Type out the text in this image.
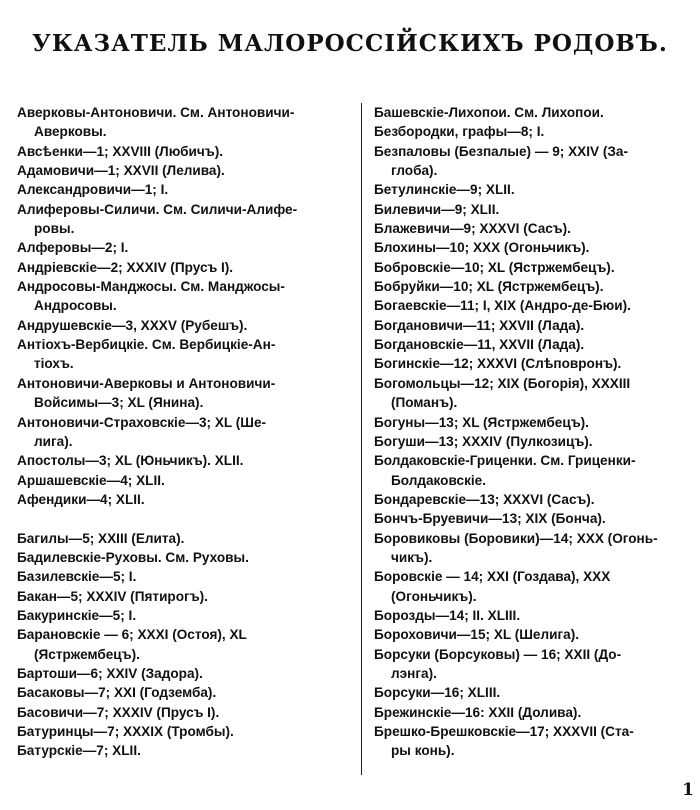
УКАЗАТЕЛЬ МАЛОРОССІЙСКИХЪ РОДОВЪ.
Аверковы-Антоновичи. См. Антоновичи-
Аверковы.
Авсѣенки—1; XXVIII (Любичъ).
Адамовичи—1; XXVII (Лелива).
Александровичи—1; I.
Алиферовы-Силичи. См. Силичи-Алифе-
ровы.
Алферовы—2; I.
Андріевскіе—2; XXXIV (Прусъ I).
Андросовы-Манджосы. См. Манджосы-
Андросовы.
Андрушевскіе—3, XXXV (Рубешъ).
Антіохъ-Вербицкіе. См. Вербицкіе-Ан-
тіохъ.
Антоновичи-Аверковы и Антоновичи-
Войсимы—3; XL (Янина).
Антоновичи-Страховскіе—3; XL (Ше-
лига).
Апостолы—3; XL (Юньчикъ). XLII.
Аршашевскіе—4; XLII.
Афендики—4; XLII.
Багилы—5; XXIII (Елита).
Бадилевскіе-Руховы. См. Руховы.
Базилевскіе—5; I.
Бакан—5; XXXIV (Пятирогъ).
Бакуринскіе—5; I.
Барановскіе — 6; XXXI (Остоя), XL
(Ястржембецъ).
Бартоши—6; XXIV (Задора).
Басаковы—7; XXI (Годземба).
Басовичи—7; XXXIV (Прусъ I).
Батуринцы—7; XXXIX (Тромбы).
Батурскіе—7; XLII.
Башевскіе-Лихопои. См. Лихопои.
Безбородки, графы—8; I.
Безпаловы (Безпалые) — 9; XXIV (За-
глоба).
Бетулинскіе—9; XLII.
Билевичи—9; XLII.
Блажевичи—9; XXXVI (Сасъ).
Блохины—10; XXX (Огоньчикъ).
Бобровскіе—10; XL (Ястржембецъ).
Бобруйки—10; XL (Ястржембецъ).
Богаевскіе—11; I, XIX (Андро-де-Бюи).
Богдановичи—11; XXVII (Лада).
Богдановскіе—11, XXVII (Лада).
Богинскіе—12; XXXVI (Слѣповронъ).
Богомольцы—12; XIX (Богорія), XXXIII
(Поманъ).
Богуны—13; XL (Ястржембецъ).
Богуши—13; XXXIV (Пулкозицъ).
Болдаковскіе-Гриценки. См. Гриценки-
Болдаковскіе.
Бондаревскіе—13; XXXVI (Сасъ).
Бончъ-Бруевичи—13; XIX (Бонча).
Боровиковы (Боровики)—14; XXX (Огонь-
чикъ).
Боровскіе — 14; XXI (Гоздава), XXX
(Огоньчикъ).
Борозды—14; II. XLIII.
Бороховичи—15; XL (Шелига).
Борсуки (Борсуковы) — 16; XXII (До-
лэнга).
Борсуки—16; XLIII.
Брежинскіе—16: XXII (Долива).
Брешко-Брешковскіе—17; XXXVII (Ста-
ры конь).
1
